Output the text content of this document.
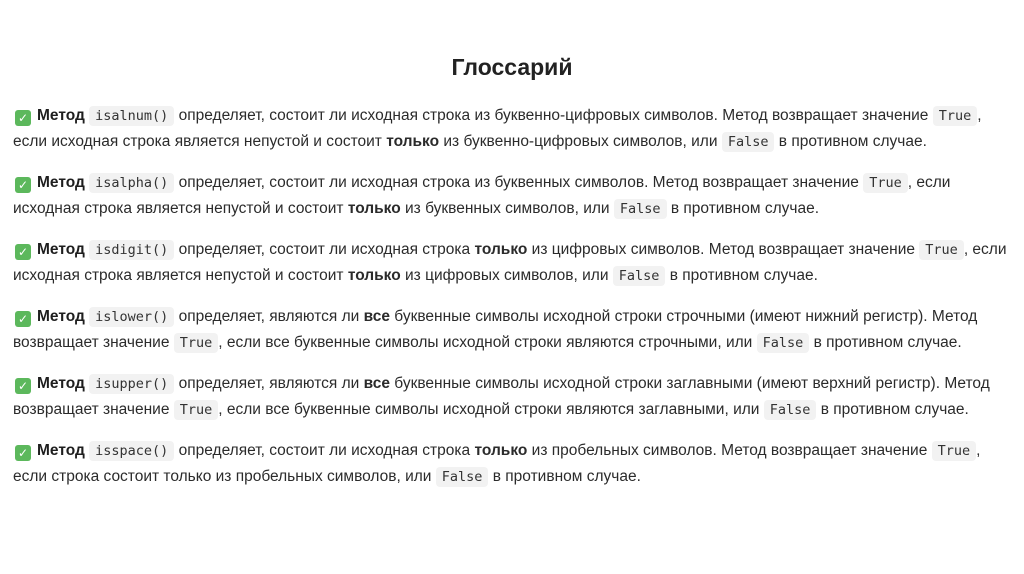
Глоссарий

✓ Метод isalnum() определяет, состоит ли исходная строка из буквенно-цифровых символов. Метод возвращает значение True , если исходная строка является непустой и состоит только из буквенно-цифровых символов, или False в противном случае.

✓ Метод isalpha() определяет, состоит ли исходная строка из буквенных символов. Метод возвращает значение True , если исходная строка является непустой и состоит только из буквенных символов, или False в противном случае.

✓ Метод isdigit() определяет, состоит ли исходная строка только из цифровых символов. Метод возвращает значение True , если исходная строка является непустой и состоит только из цифровых символов, или False в противном случае.

✓ Метод islower() определяет, являются ли все буквенные символы исходной строки строчными (имеют нижний регистр). Метод возвращает значение True , если все буквенные символы исходной строки являются строчными, или False в противном случае.

✓ Метод isupper() определяет, являются ли все буквенные символы исходной строки заглавными (имеют верхний регистр). Метод возвращает значение True , если все буквенные символы исходной строки являются заглавными, или False в противном случае.

✓ Метод isspace() определяет, состоит ли исходная строка только из пробельных символов. Метод возвращает значение True , если строка состоит только из пробельных символов, или False в противном случае.
